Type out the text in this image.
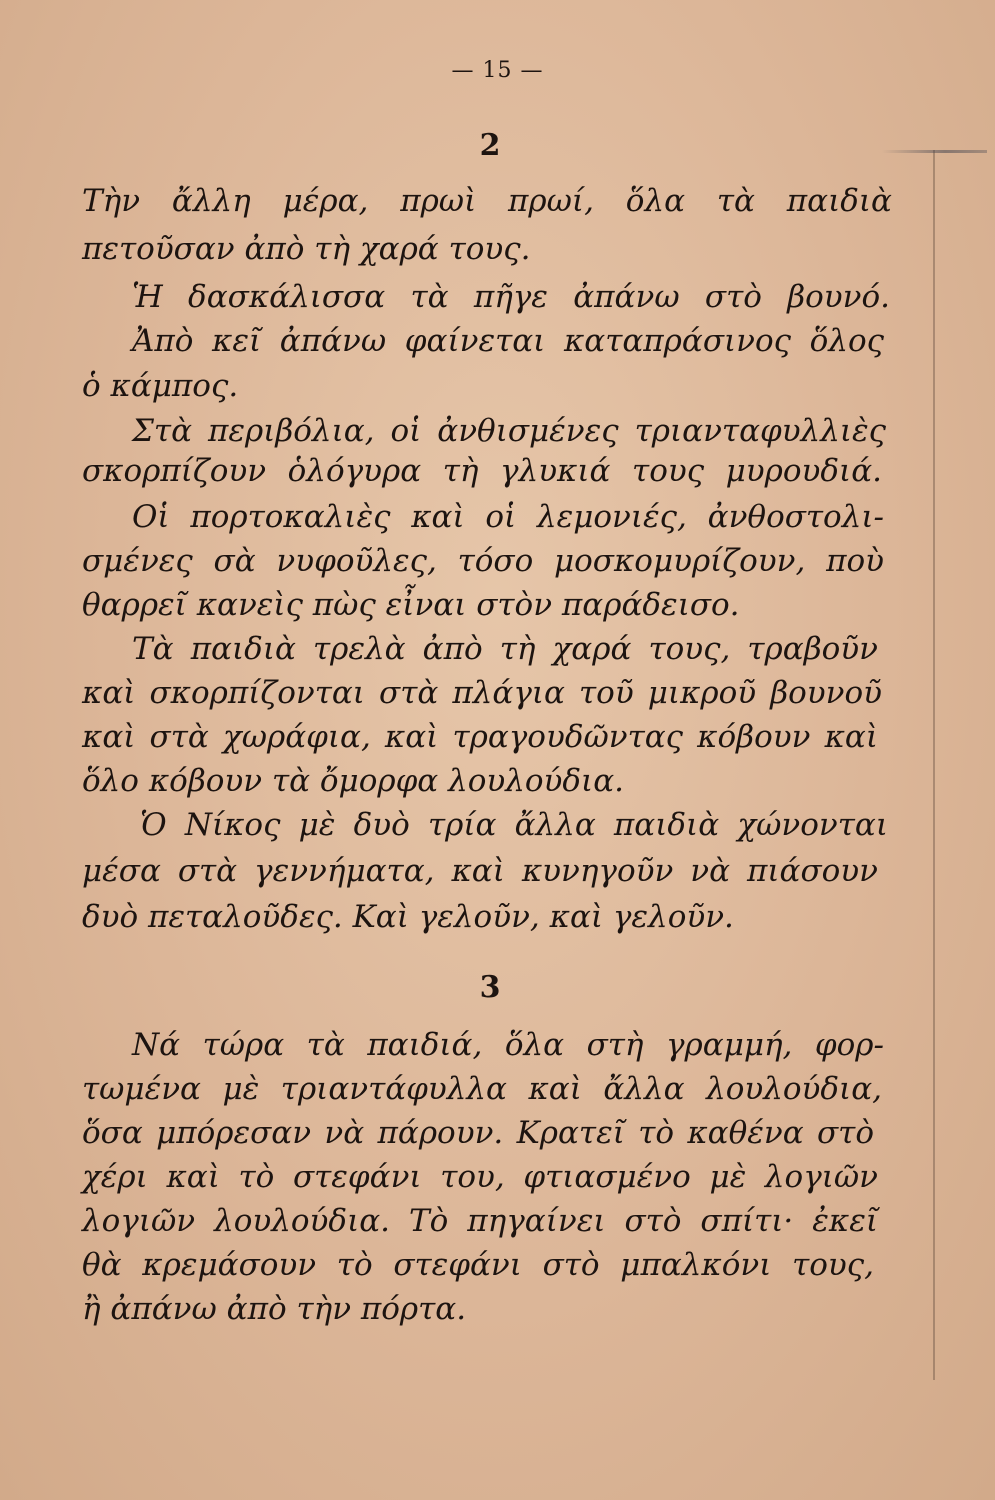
— 15 —
2
Τὴν ἄλλη μέρα, πρωὶ πρωί, ὅλα τὰ παιδιὰ
πετοῦσαν ἀπὸ τὴ χαρά τους.
Ἡ δασκάλισσα τὰ πῆγε ἀπάνω στὸ βουνό.
Ἀπὸ κεῖ ἀπάνω φαίνεται καταπράσινος ὅλος
ὁ κάμπος.
Στὰ περιβόλια, οἱ ἀνθισμένες τριανταφυλλιὲς
σκορπίζουν ὁλόγυρα τὴ γλυκιά τους μυρουδιά.
Οἱ πορτοκαλιὲς καὶ οἱ λεμονιές, ἀνθοστολι-
σμένες σὰ νυφοῦλες, τόσο μοσκομυρίζουν, ποὺ
θαρρεῖ κανεὶς πὼς εἶναι στὸν παράδεισο.
Τὰ παιδιὰ τρελὰ ἀπὸ τὴ χαρά τους, τραβοῦν
καὶ σκορπίζονται στὰ πλάγια τοῦ μικροῦ βουνοῦ
καὶ στὰ χωράφια, καὶ τραγουδῶντας κόβουν καὶ
ὅλο κόβουν τὰ ὄμορφα λουλούδια.
Ὁ Νίκος μὲ δυὸ τρία ἄλλα παιδιὰ χώνονται
μέσα στὰ γεννήματα, καὶ κυνηγοῦν νὰ πιάσουν
δυὸ πεταλοῦδες. Καὶ γελοῦν, καὶ γελοῦν.
3
Νά τώρα τὰ παιδιά, ὅλα στὴ γραμμή, φορ-
τωμένα μὲ τριαντάφυλλα καὶ ἄλλα λουλούδια,
ὅσα μπόρεσαν νὰ πάρουν. Κρατεῖ τὸ καθένα στὸ
χέρι καὶ τὸ στεφάνι του, φτιασμένο μὲ λογιῶν
λογιῶν λουλούδια. Τὸ πηγαίνει στὸ σπίτι· ἐκεῖ
θὰ κρεμάσουν τὸ στεφάνι στὸ μπαλκόνι τους,
ἢ ἀπάνω ἀπὸ τὴν πόρτα.
